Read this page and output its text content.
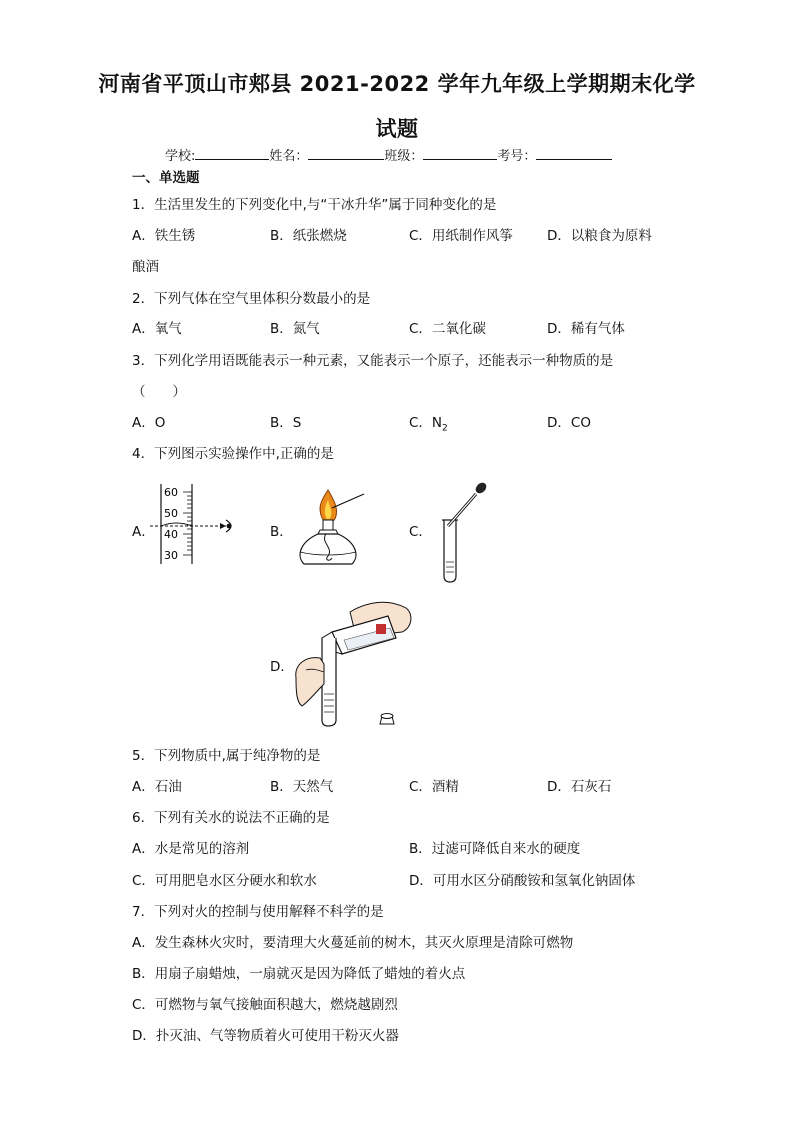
河南省平顶山市郏县 2021-2022 学年九年级上学期期末化学
试题
学校:	姓名：	班级：	考号：
一、单选题
1．生活里发生的下列变化中,与“干冰升华”属于同种变化的是
A．铁生锈	B．纸张燃烧	C．用纸制作风筝	D．以粮食为原料
酿酒
2．下列气体在空气里体积分数最小的是
A．氧气	B．氮气	C．二氧化碳	D．稀有气体
3．下列化学用语既能表示一种元素，又能表示一个原子，还能表示一种物质的是
（　　）
A．O	B．S	C．$N_2$	D．CO
4．下列图示实验操作中,正确的是
A．
60
50
40
30
B．	C．
D．
5．下列物质中,属于纯净物的是
A．石油	B．天然气	C．酒精	D．石灰石
6．下列有关水的说法不正确的是
A．水是常见的溶剂	B．过滤可降低自来水的硬度
C．可用肥皂水区分硬水和软水	D．可用水区分硝酸铵和氢氧化钠固体
7．下列对火的控制与使用解释不科学的是
A．发生森林火灾时，要清理大火蔓延前的树木，其灭火原理是清除可燃物
B．用扇子扇蜡烛，一扇就灭是因为降低了蜡烛的着火点
C．可燃物与氧气接触面积越大，燃烧越剧烈
D．扑灭油、气等物质着火可使用干粉灭火器
